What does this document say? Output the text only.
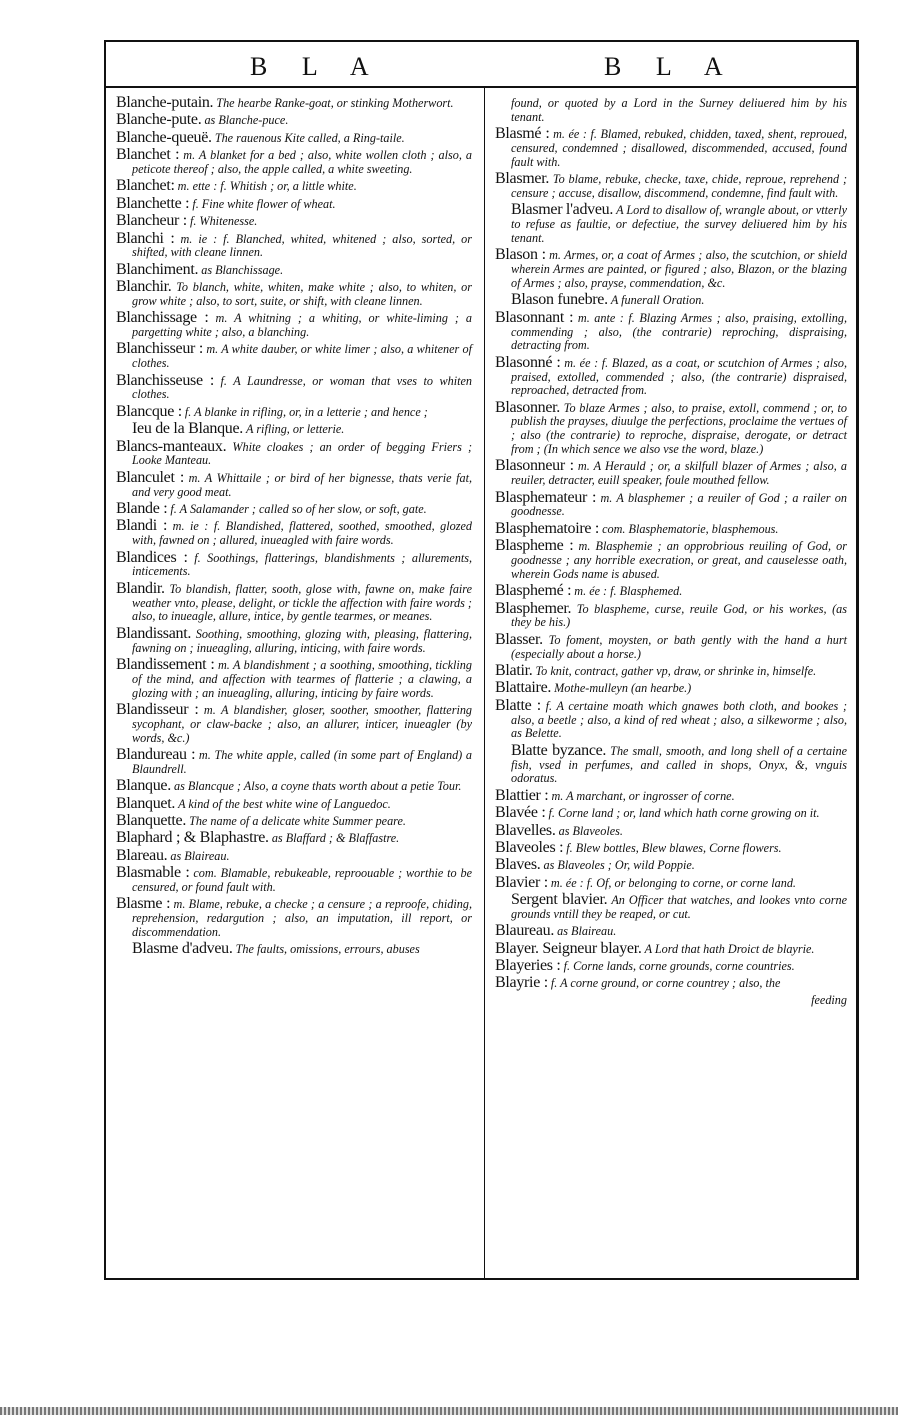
B L A	B L A

Blanche-putain. The hearbe Ranke-goat, or stinking Motherwort.

Blanche-pute. as Blanche-puce.

Blanche-queuë. The rauenous Kite called, a Ring-taile.

Blanchet : m. A blanket for a bed ; also, white wollen cloth ; also, a peticote thereof ; also, the apple called, a white sweeting.

Blanchet: m. ette : f. Whitish ; or, a little white.

Blanchette : f. Fine white flower of wheat.

Blancheur : f. Whitenesse.

Blanchi : m. ie : f. Blanched, whited, whitened ; also, sorted, or shifted, with cleane linnen.

Blanchiment. as Blanchissage.

Blanchir. To blanch, white, whiten, make white ; also, to whiten, or grow white ; also, to sort, suite, or shift, with cleane linnen.

Blanchissage : m. A whitning ; a whiting, or white-liming ; a pargetting white ; also, a blanching.

Blanchisseur : m. A white dauber, or white limer ; also, a whitener of clothes.

Blanchisseuse : f. A Laundresse, or woman that vses to whiten clothes.

Blancque : f. A blanke in rifling, or, in a letterie ; and hence ;

Ieu de la Blanque. A rifling, or letterie.

Blancs-manteaux. White cloakes ; an order of begging Friers ; Looke Manteau.

Blanculet : m. A Whittaile ; or bird of her bignesse, thats verie fat, and very good meat.

Blande : f. A Salamander ; called so of her slow, or soft, gate.

Blandi : m. ie : f. Blandished, flattered, soothed, smoothed, glozed with, fawned on ; allured, inueagled with faire words.

Blandices : f. Soothings, flatterings, blandishments ; allurements, inticements.

Blandir. To blandish, flatter, sooth, glose with, fawne on, make faire weather vnto, please, delight, or tickle the affection with faire words ; also, to inueagle, allure, intice, by gentle tearmes, or meanes.

Blandissant. Soothing, smoothing, glozing with, pleasing, flattering, fawning on ; inueagling, alluring, inticing, with faire words.

Blandissement : m. A blandishment ; a soothing, smoothing, tickling of the mind, and affection with tearmes of flatterie ; a clawing, a glozing with ; an inueagling, alluring, inticing by faire words.

Blandisseur : m. A blandisher, gloser, soother, smoother, flattering sycophant, or claw-backe ; also, an allurer, inticer, inueagler (by words, &c.)

Blandureau : m. The white apple, called (in some part of England) a Blaundrell.

Blanque. as Blancque ; Also, a coyne thats worth about a petie Tour.

Blanquet. A kind of the best white wine of Languedoc.

Blanquette. The name of a delicate white Summer peare.

Blaphard ; & Blaphastre. as Blaffard ; & Blaffastre.

Blareau. as Blaireau.

Blasmable : com. Blamable, rebukeable, reproouable ; worthie to be censured, or found fault with.

Blasme : m. Blame, rebuke, a checke ; a censure ; a reproofe, chiding, reprehension, redargution ; also, an imputation, ill report, or discommendation.

Blasme d'adveu. The faults, omissions, errours, abuses

found, or quoted by a Lord in the Surney deliuered him by his tenant.

Blasmé : m. ée : f. Blamed, rebuked, chidden, taxed, shent, reproued, censured, condemned ; disallowed, discommended, accused, found fault with.

Blasmer. To blame, rebuke, checke, taxe, chide, reproue, reprehend ; censure ; accuse, disallow, discommend, condemne, find fault with.

Blasmer l'adveu. A Lord to disallow of, wrangle about, or vtterly to refuse as faultie, or defectiue, the survey deliuered him by his tenant.

Blason : m. Armes, or, a coat of Armes ; also, the scutchion, or shield wherein Armes are painted, or figured ; also, Blazon, or the blazing of Armes ; also, prayse, commendation, &c.

Blason funebre. A funerall Oration.

Blasonnant : m. ante : f. Blazing Armes ; also, praising, extolling, commending ; also, (the contrarie) reproching, dispraising, detracting from.

Blasonné : m. ée : f. Blazed, as a coat, or scutchion of Armes ; also, praised, extolled, commended ; also, (the contrarie) dispraised, reproached, detracted from.

Blasonner. To blaze Armes ; also, to praise, extoll, commend ; or, to publish the prayses, diuulge the perfections, proclaime the vertues of ; also (the contrarie) to reproche, dispraise, derogate, or detract from ; (In which sence we also vse the word, blaze.)

Blasonneur : m. A Herauld ; or, a skilfull blazer of Armes ; also, a reuiler, detracter, euill speaker, foule mouthed fellow.

Blasphemateur : m. A blasphemer ; a reuiler of God ; a railer on goodnesse.

Blasphematoire : com. Blasphematorie, blasphemous.

Blaspheme : m. Blasphemie ; an opprobrious reuiling of God, or goodnesse ; any horrible execration, or great, and causelesse oath, wherein Gods name is abused.

Blasphemé : m. ée : f. Blasphemed.

Blasphemer. To blaspheme, curse, reuile God, or his workes, (as they be his.)

Blasser. To foment, moysten, or bath gently with the hand a hurt (especially about a horse.)

Blatir. To knit, contract, gather vp, draw, or shrinke in, himselfe.

Blattaire. Mothe-mulleyn (an hearbe.)

Blatte : f. A certaine moath which gnawes both cloth, and bookes ; also, a beetle ; also, a kind of red wheat ; also, a silkeworme ; also, as Belette.

Blatte byzance. The small, smooth, and long shell of a certaine fish, vsed in perfumes, and called in shops, Onyx, &, vnguis odoratus.

Blattier : m. A marchant, or ingrosser of corne.

Blavée : f. Corne land ; or, land which hath corne growing on it.

Blavelles. as Blaveoles.

Blaveoles : f. Blew bottles, Blew blawes, Corne flowers.

Blaves. as Blaveoles ; Or, wild Poppie.

Blavier : m. ée : f. Of, or belonging to corne, or corne land.

Sergent blavier. An Officer that watches, and lookes vnto corne grounds vntill they be reaped, or cut.

Blaureau. as Blaireau.

Blayer. Seigneur blayer. A Lord that hath Droict de blayrie.

Blayeries : f. Corne lands, corne grounds, corne countries.

Blayrie : f. A corne ground, or corne countrey ; also, the

feeding
